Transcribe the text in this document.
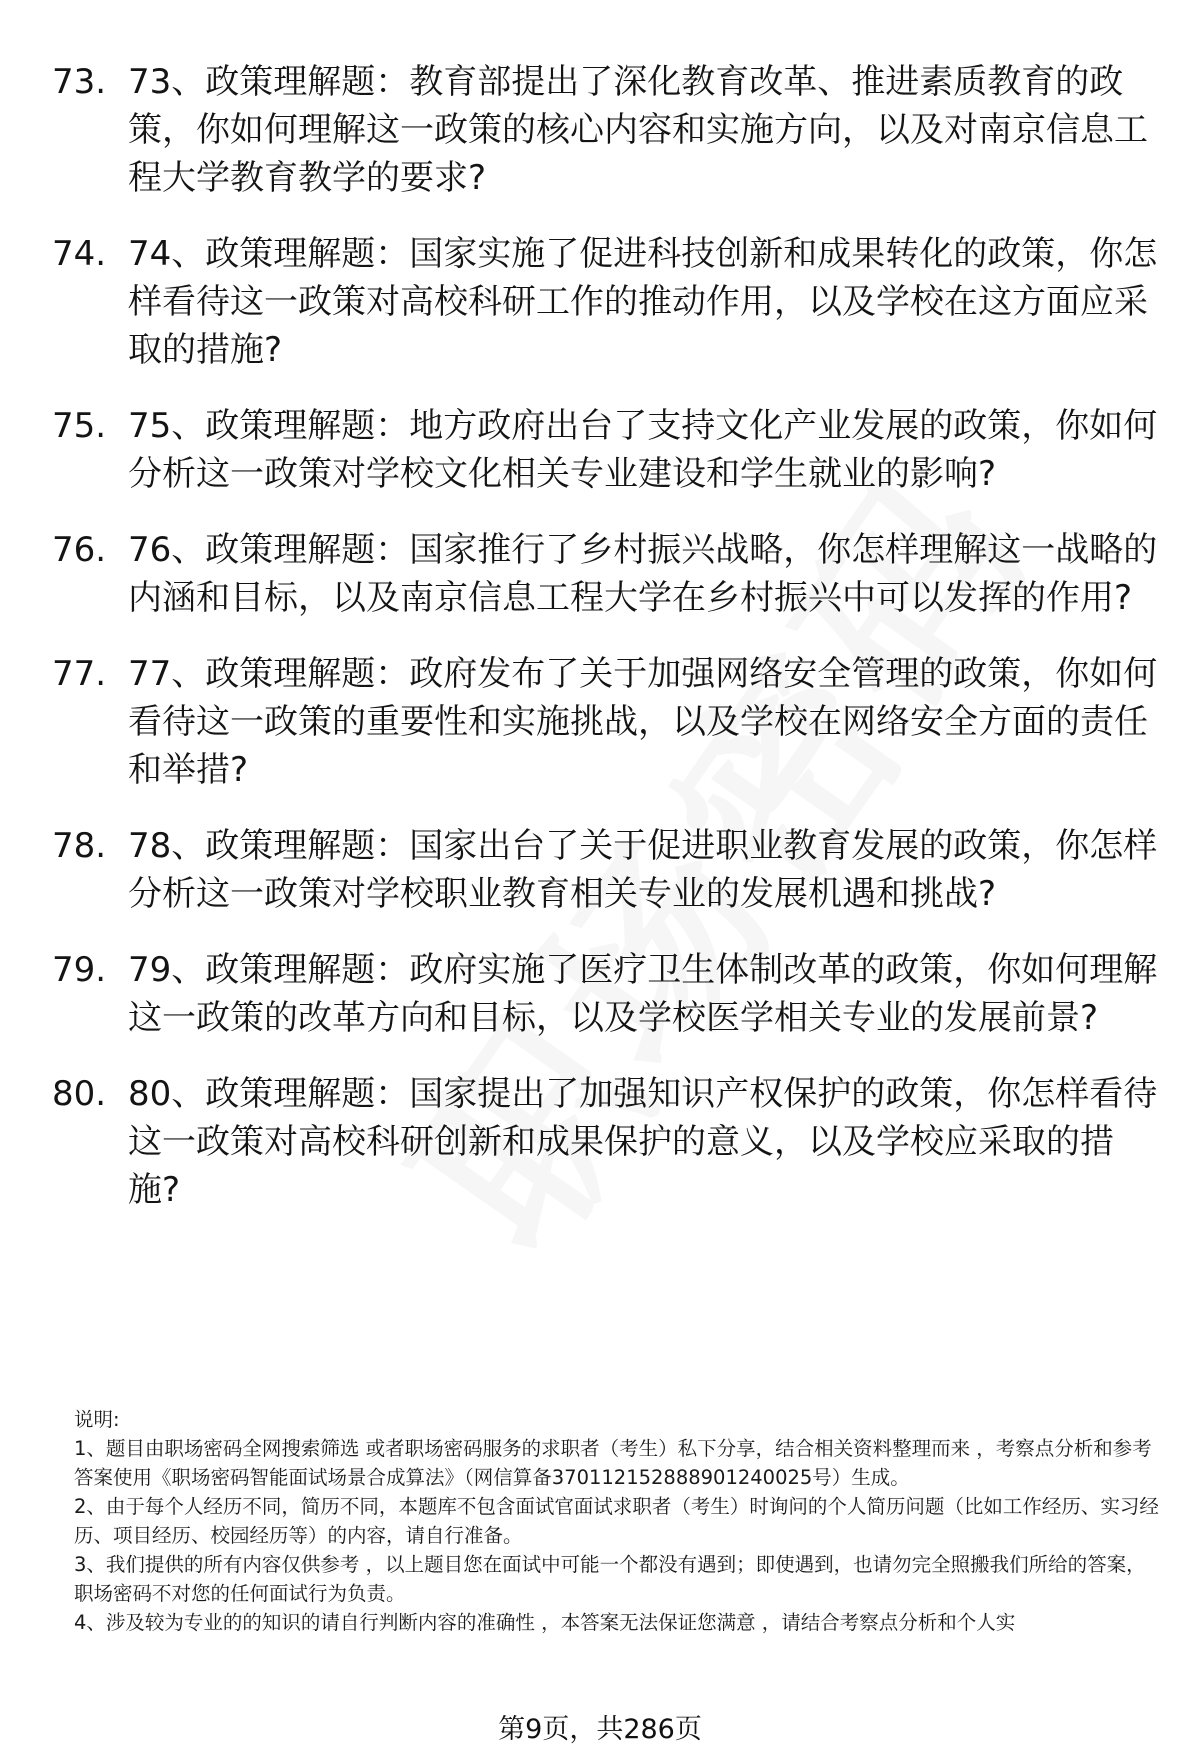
73. 73、政策理解题：教育部提出了深化教育改革、推进素质教育的政策，你如何理解这一政策的核心内容和实施方向，以及对南京信息工程大学教育教学的要求?
74. 74、政策理解题：国家实施了促进科技创新和成果转化的政策，你怎样看待这一政策对高校科研工作的推动作用，以及学校在这方面应采取的措施?
75. 75、政策理解题：地方政府出台了支持文化产业发展的政策，你如何分析这一政策对学校文化相关专业建设和学生就业的影响?
76. 76、政策理解题：国家推行了乡村振兴战略，你怎样理解这一战略的内涵和目标，以及南京信息工程大学在乡村振兴中可以发挥的作用?
77. 77、政策理解题：政府发布了关于加强网络安全管理的政策，你如何看待这一政策的重要性和实施挑战，以及学校在网络安全方面的责任和举措?
78. 78、政策理解题：国家出台了关于促进职业教育发展的政策，你怎样分析这一政策对学校职业教育相关专业的发展机遇和挑战?
79. 79、政策理解题：政府实施了医疗卫生体制改革的政策，你如何理解这一政策的改革方向和目标，以及学校医学相关专业的发展前景?
80. 80、政策理解题：国家提出了加强知识产权保护的政策，你怎样看待这一政策对高校科研创新和成果保护的意义，以及学校应采取的措施?

说明:

1、题目由职场密码全网搜索筛选 或者职场密码服务的求职者（考生）私下分享，结合相关资料整理而来 ，考察点分析和参考答案使用《职场密码智能面试场景合成算法》（网信算备370112152888901240025号）生成。

2、由于每个人经历不同，简历不同，本题库不包含面试官面试求职者（考生）时询问的个人简历问题（比如工作经历、实习经历、项目经历、校园经历等）的内容，请自行准备。

3、我们提供的所有内容仅供参考 ，以上题目您在面试中可能一个都没有遇到；即使遇到，也请勿完全照搬我们所给的答案，职场密码不对您的任何面试行为负责。

4、涉及较为专业的的知识的请自行判断内容的准确性 ，本答案无法保证您满意 ，请结合考察点分析和个人实

第9页，共286页
